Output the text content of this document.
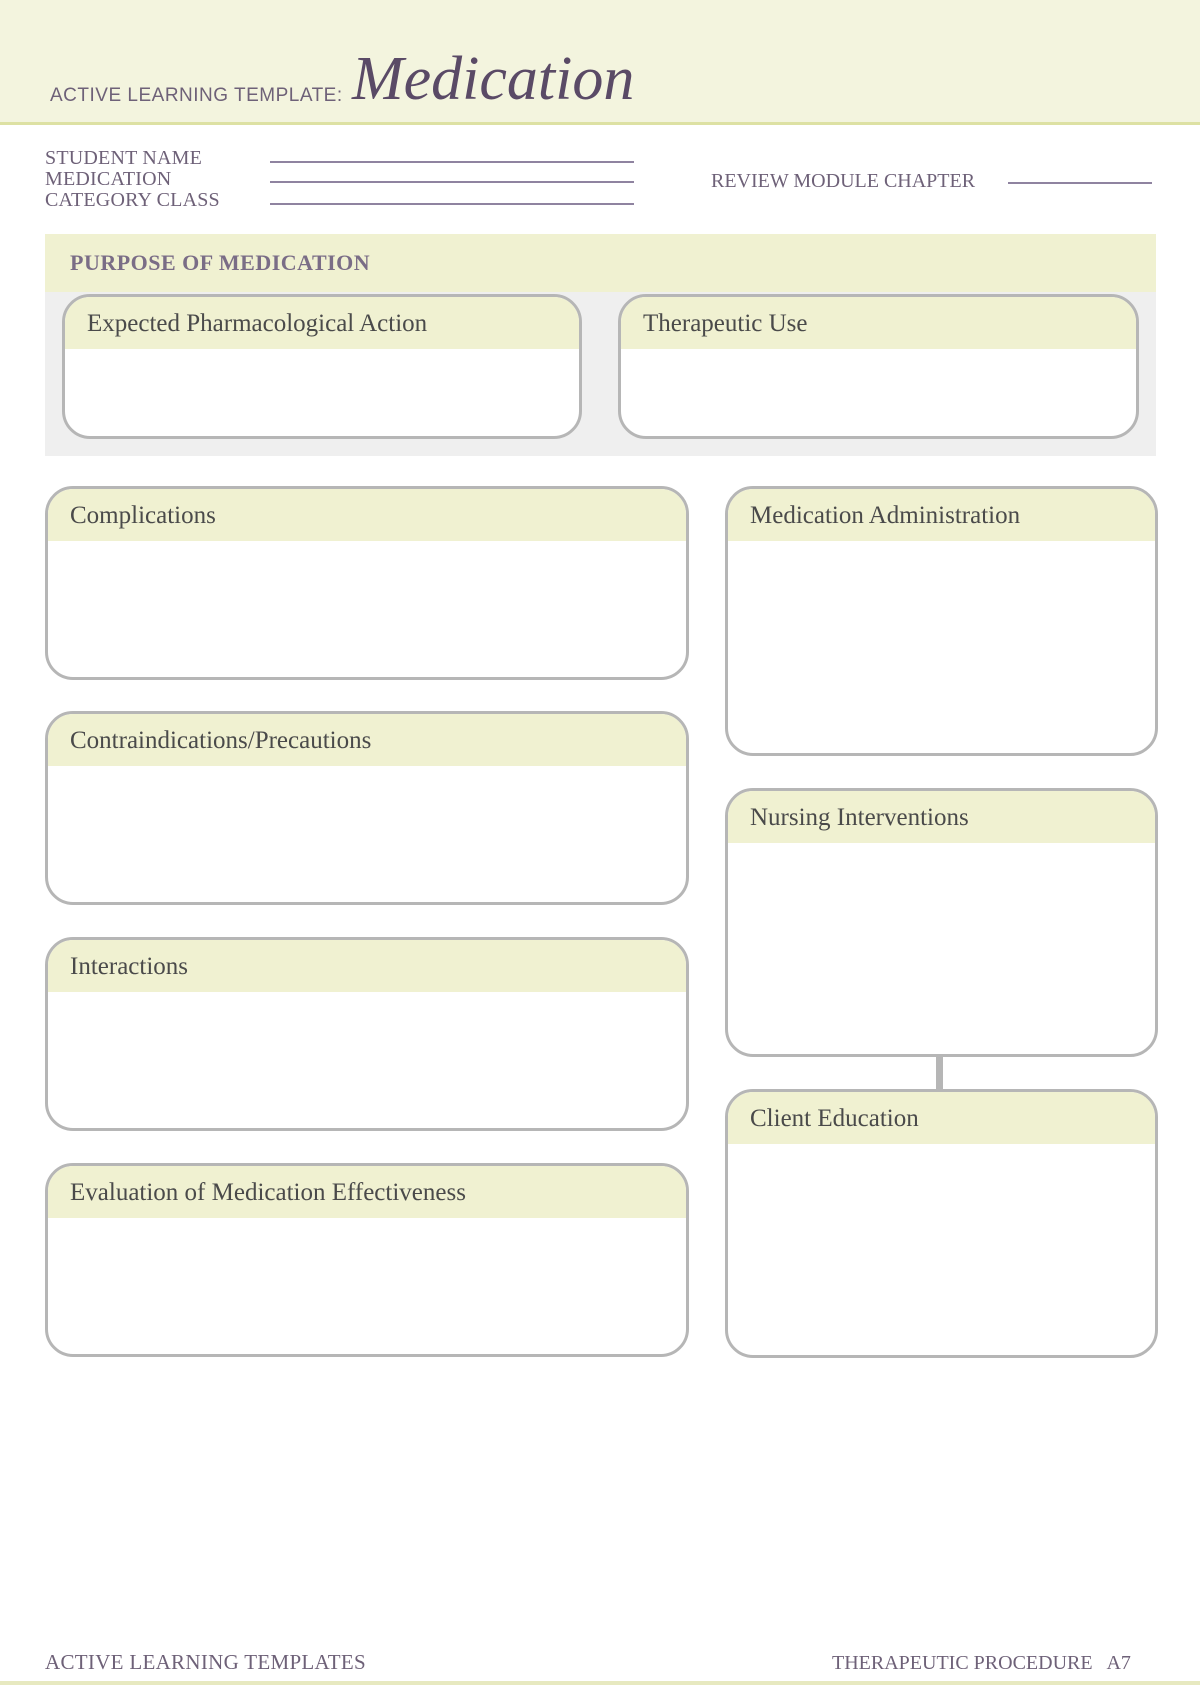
ACTIVE LEARNING TEMPLATE: Medication
STUDENT NAME
MEDICATION
CATEGORY CLASS
REVIEW MODULE CHAPTER
PURPOSE OF MEDICATION
Expected Pharmacological Action	Therapeutic Use
Complications
Contraindications/Precautions
Interactions
Evaluation of Medication Effectiveness
Medication Administration
Nursing Interventions
Client Education
ACTIVE LEARNING TEMPLATES	THERAPEUTIC PROCEDURE   A7
